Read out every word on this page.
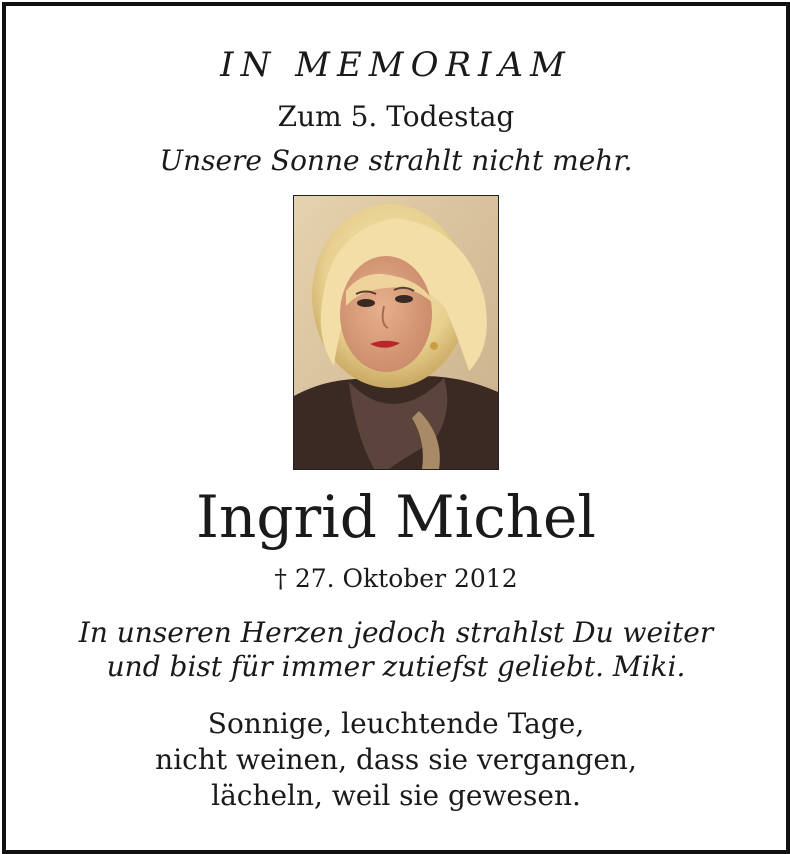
IN MEMORIAM
Zum 5. Todestag
Unsere Sonne strahlt nicht mehr.
Ingrid Michel
† 27. Oktober 2012
In unseren Herzen jedoch strahlst Du weiter
und bist für immer zutiefst geliebt. Miki.
Sonnige, leuchtende Tage,
nicht weinen, dass sie vergangen,
lächeln, weil sie gewesen.
